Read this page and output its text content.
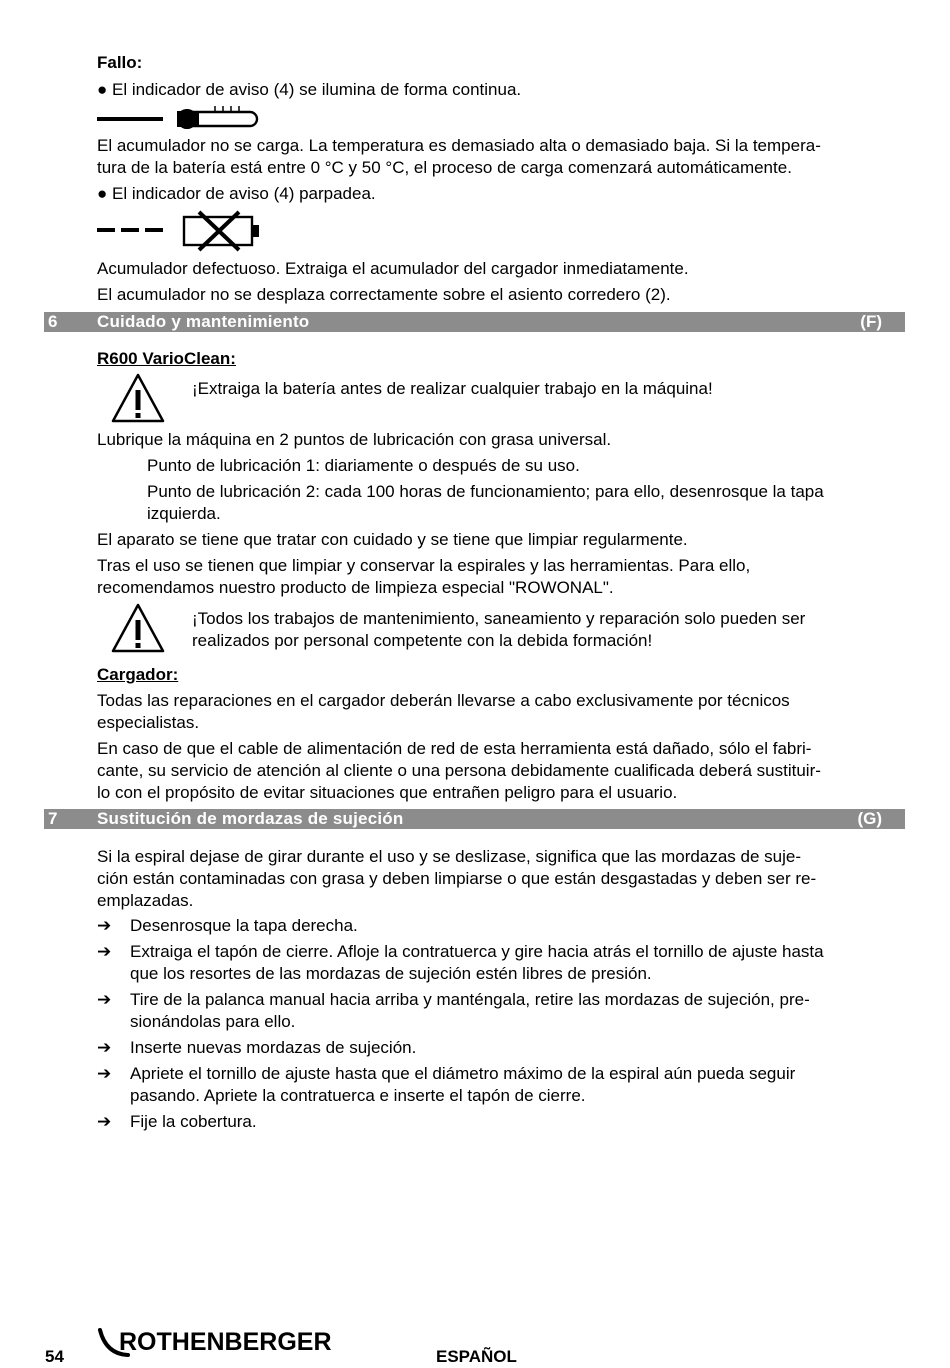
Fallo:

● El indicador de aviso (4) se ilumina de forma continua.

El acumulador no se carga. La temperatura es demasiado alta o demasiado baja. Si la tempera-

tura de la batería está entre 0 °C y 50 °C, el proceso de carga comenzará automáticamente.

● El indicador de aviso (4) parpadea.

Acumulador defectuoso. Extraiga el acumulador del cargador inmediatamente.

El acumulador no se desplaza correctamente sobre el asiento corredero (2).

6 Cuidado y mantenimiento	(F)

R600 VarioClean:

¡Extraiga la batería antes de realizar cualquier trabajo en la máquina!

Lubrique la máquina en 2 puntos de lubricación con grasa universal.

Punto de lubricación 1: diariamente o después de su uso.

Punto de lubricación 2: cada 100 horas de funcionamiento; para ello, desenrosque la tapa

izquierda.

El aparato se tiene que tratar con cuidado y se tiene que limpiar regularmente.

Tras el uso se tienen que limpiar y conservar la espirales y las herramientas. Para ello,

recomendamos nuestro producto de limpieza especial "ROWONAL".

¡Todos los trabajos de mantenimiento, saneamiento y reparación solo pueden ser

realizados por personal competente con la debida formación!

Cargador:

Todas las reparaciones en el cargador deberán llevarse a cabo exclusivamente por técnicos

especialistas.

En caso de que el cable de alimentación de red de esta herramienta está dañado, sólo el fabri-

cante, su servicio de atención al cliente o una persona debidamente cualificada deberá sustituir-

lo con el propósito de evitar situaciones que entrañen peligro para el usuario.

7 Sustitución de mordazas de sujeción	(G)

Si la espiral dejase de girar durante el uso y se deslizase, significa que las mordazas de suje-

ción están contaminadas con grasa y deben limpiarse o que están desgastadas y deben ser re-

emplazadas.

➔	Desenrosque la tapa derecha.
➔	Extraiga el tapón de cierre. Afloje la contratuerca y gire hacia atrás el tornillo de ajuste hasta
que los resortes de las mordazas de sujeción estén libres de presión.
➔	Tire de la palanca manual hacia arriba y manténgala, retire las mordazas de sujeción, pre-
sionándolas para ello.
➔	Inserte nuevas mordazas de sujeción.
➔	Apriete el tornillo de ajuste hasta que el diámetro máximo de la espiral aún pueda seguir
pasando. Apriete la contratuerca e inserte el tapón de cierre.
➔	Fije la cobertura.
54
ROTHENBERGER
ESPAÑOL
